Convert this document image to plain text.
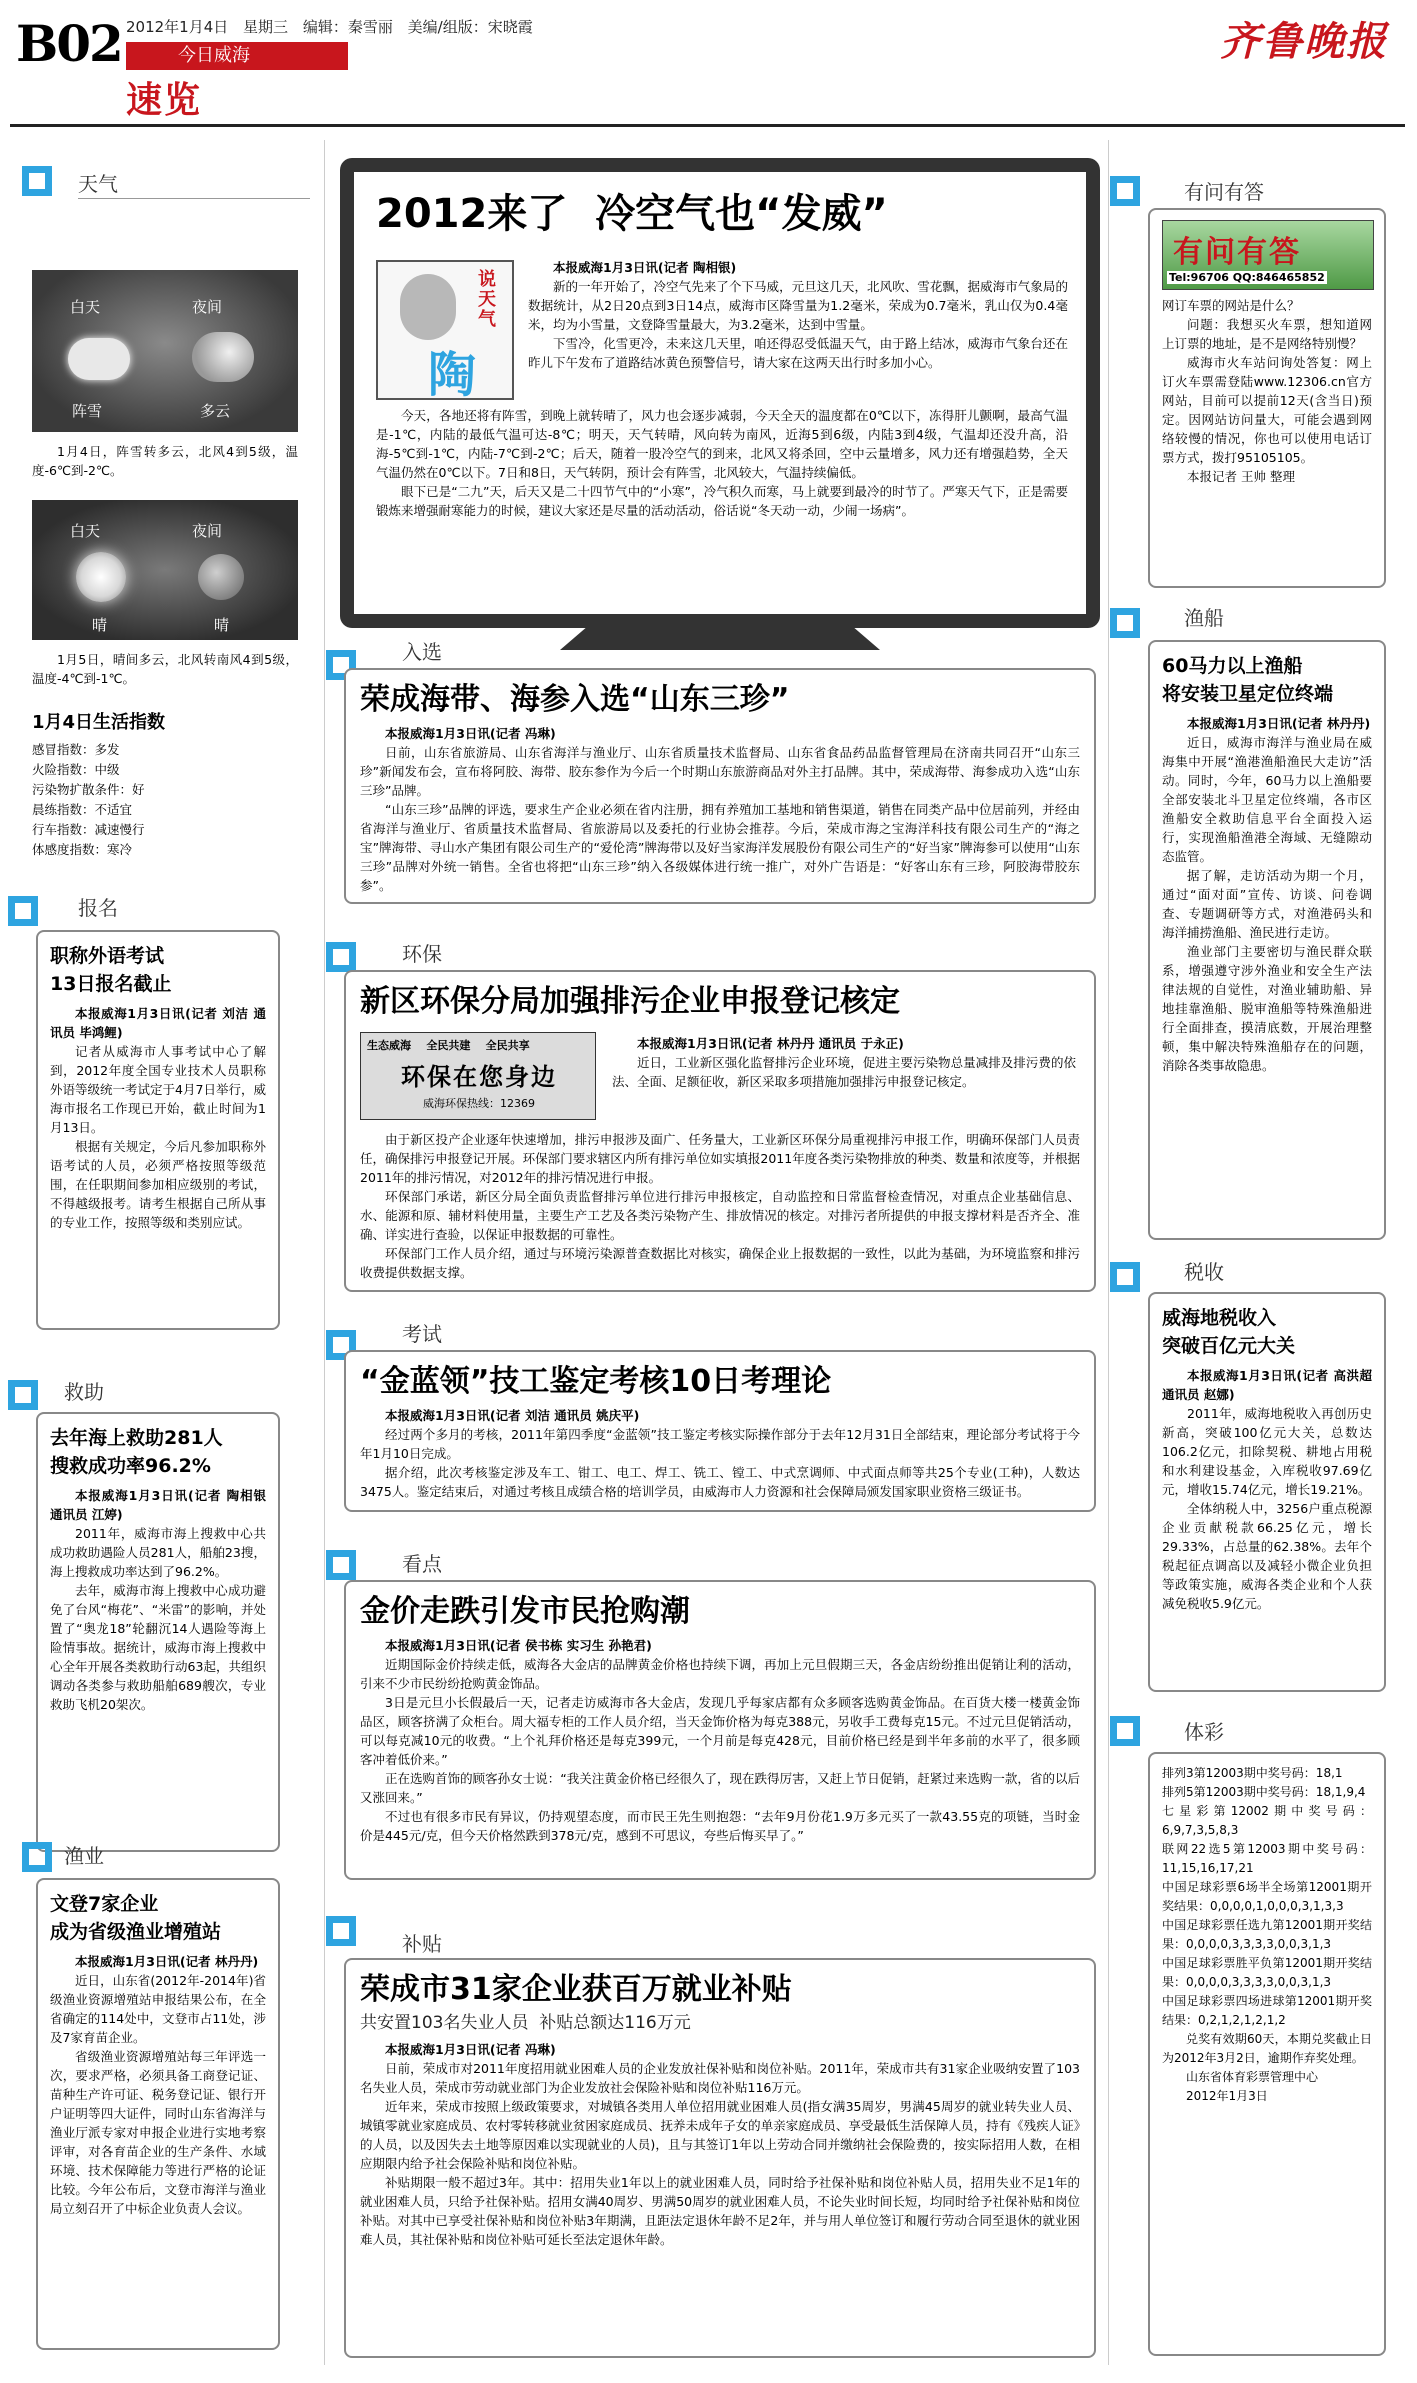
B02 2012年1月4日 星期三 编辑：秦雪丽 美编/组版：宋晓霞
今日威海
速览
齐鲁晚报
天气
白天	夜间
阵雪	多云
1月4日，阵雪转多云，北风4到5级，温度-6℃到-2℃。
白天	夜间
晴	晴
1月5日，晴间多云，北风转南风4到5级，温度-4℃到-1℃。
1月4日生活指数
感冒指数：多发
火险指数：中级
污染物扩散条件：好
晨练指数：不适宜
行车指数：减速慢行
体感度指数：寒冷
报名
职称外语考试
13日报名截止

本报威海1月3日讯(记者 刘洁 通讯员 毕鸿鲤)

记者从威海市人事考试中心了解到，2012年度全国专业技术人员职称外语等级统一考试定于4月7日举行，威海市报名工作现已开始，截止时间为1月13日。

根据有关规定，今后凡参加职称外语考试的人员，必须严格按照等级范围，在任职期间参加相应级别的考试，不得越级报考。请考生根据自己所从事的专业工作，按照等级和类别应试。

救助
去年海上救助281人
搜救成功率96.2%

本报威海1月3日讯(记者 陶相银 通讯员 江婷)

2011年，威海市海上搜救中心共成功救助遇险人员281人，船舶23搜，海上搜救成功率达到了96.2%。

去年，威海市海上搜救中心成功避免了台风“梅花”、“米雷”的影响，并处置了“奥龙18”轮翻沉14人遇险等海上险情事故。据统计，威海市海上搜救中心全年开展各类救助行动63起，共组织调动各类参与救助船舶689艘次，专业救助飞机20架次。

渔业
文登7家企业
成为省级渔业增殖站

本报威海1月3日讯(记者 林丹丹)

近日，山东省(2012年-2014年)省级渔业资源增殖站申报结果公布，在全省确定的114处中，文登市占11处，涉及7家育苗企业。

省级渔业资源增殖站每三年评选一次，要求严格，必须具备工商登记证、苗种生产许可证、税务登记证、银行开户证明等四大证件，同时山东省海洋与渔业厅派专家对申报企业进行实地考察评审，对各育苗企业的生产条件、水域环境、技术保障能力等进行严格的论证比较。今年公布后，文登市海洋与渔业局立刻召开了中标企业负责人会议。

2012来了  冷空气也“发威”
说天气
陶

本报威海1月3日讯(记者 陶相银)

新的一年开始了，冷空气先来了个下马威，元旦这几天，北风吹、雪花飘，据威海市气象局的数据统计，从2日20点到3日14点，威海市区降雪量为1.2毫米，荣成为0.7毫米，乳山仅为0.4毫米，均为小雪量，文登降雪量最大，为3.2毫米，达到中雪量。

下雪冷，化雪更冷，未来这几天里，咱还得忍受低温天气，由于路上结冰，威海市气象台还在昨儿下午发布了道路结冰黄色预警信号，请大家在这两天出行时多加小心。

今天，各地还将有阵雪，到晚上就转晴了，风力也会逐步减弱，今天全天的温度都在0℃以下，冻得肝儿颤啊，最高气温是-1℃，内陆的最低气温可达-8℃；明天，天气转晴，风向转为南风，近海5到6级，内陆3到4级，气温却还没升高，沿海-5℃到-1℃，内陆-7℃到-2℃；后天，随着一股冷空气的到来，北风又将杀回，空中云量增多，风力还有增强趋势，全天气温仍然在0℃以下。7日和8日，天气转阴，预计会有阵雪，北风较大，气温持续偏低。

眼下已是“二九”天，后天又是二十四节气中的“小寒”，冷气积久而寒，马上就要到最冷的时节了。严寒天气下，正是需要锻炼来增强耐寒能力的时候，建议大家还是尽量的活动活动，俗话说“冬天动一动，少闹一场病”。

入选
荣成海带、海参入选“山东三珍”

本报威海1月3日讯(记者 冯琳)

日前，山东省旅游局、山东省海洋与渔业厅、山东省质量技术监督局、山东省食品药品监督管理局在济南共同召开“山东三珍”新闻发布会，宣布将阿胶、海带、胶东参作为今后一个时期山东旅游商品对外主打品牌。其中，荣成海带、海参成功入选“山东三珍”品牌。

“山东三珍”品牌的评选，要求生产企业必须在省内注册，拥有养殖加工基地和销售渠道，销售在同类产品中位居前列，并经由省海洋与渔业厅、省质量技术监督局、省旅游局以及委托的行业协会推荐。今后，荣成市海之宝海洋科技有限公司生产的“海之宝”牌海带、寻山水产集团有限公司生产的“爱伦湾”牌海带以及好当家海洋发展股份有限公司生产的“好当家”牌海参可以使用“山东三珍”品牌对外统一销售。全省也将把“山东三珍”纳入各级媒体进行统一推广，对外广告语是：“好客山东有三珍，阿胶海带胶东参”。

环保
新区环保分局加强排污企业申报登记核定
生态威海    全民共建    全民共享
环保在您身边
威海环保热线：12369

本报威海1月3日讯(记者 林丹丹 通讯员 于永正)

近日，工业新区强化监督排污企业环境，促进主要污染物总量减排及排污费的依法、全面、足额征收，新区采取多项措施加强排污申报登记核定。

由于新区投产企业逐年快速增加，排污申报涉及面广、任务量大，工业新区环保分局重视排污申报工作，明确环保部门人员责任，确保排污申报登记开展。环保部门要求辖区内所有排污单位如实填报2011年度各类污染物排放的种类、数量和浓度等，并根据2011年的排污情况，对2012年的排污情况进行申报。

环保部门承诺，新区分局全面负责监督排污单位进行排污申报核定，自动监控和日常监督检查情况，对重点企业基础信息、水、能源和原、辅材料使用量，主要生产工艺及各类污染物产生、排放情况的核定。对排污者所提供的申报支撑材料是否齐全、准确、详实进行查验，以保证申报数据的可靠性。

环保部门工作人员介绍，通过与环境污染源普查数据比对核实，确保企业上报数据的一致性，以此为基础，为环境监察和排污收费提供数据支撑。

考试
“金蓝领”技工鉴定考核10日考理论

本报威海1月3日讯(记者 刘洁 通讯员 姚庆平)

经过两个多月的考核，2011年第四季度“金蓝领”技工鉴定考核实际操作部分于去年12月31日全部结束，理论部分考试将于今年1月10日完成。

据介绍，此次考核鉴定涉及车工、钳工、电工、焊工、铣工、镗工、中式烹调师、中式面点师等共25个专业(工种)，人数达3475人。鉴定结束后，对通过考核且成绩合格的培训学员，由威海市人力资源和社会保障局颁发国家职业资格三级证书。

看点
金价走跌引发市民抢购潮

本报威海1月3日讯(记者 侯书栋 实习生 孙艳君)

近期国际金价持续走低，威海各大金店的品牌黄金价格也持续下调，再加上元旦假期三天，各金店纷纷推出促销让利的活动，引来不少市民纷纷抢购黄金饰品。

3日是元旦小长假最后一天，记者走访威海市各大金店，发现几乎每家店都有众多顾客选购黄金饰品。在百货大楼一楼黄金饰品区，顾客挤满了众柜台。周大福专柜的工作人员介绍，当天金饰价格为每克388元，另收手工费每克15元。不过元旦促销活动，可以每克减10元的收费。“上个礼拜价格还是每克399元，一个月前是每克428元，目前价格已经是到半年多前的水平了，很多顾客冲着低价来。”

正在选购首饰的顾客孙女士说：“我关注黄金价格已经很久了，现在跌得厉害，又赶上节日促销，赶紧过来选购一款，省的以后又涨回来。”

不过也有很多市民有异议，仍持观望态度，而市民王先生则抱怨：“去年9月份花1.9万多元买了一款43.55克的项链，当时金价是445元/克，但今天价格然跌到378元/克，感到不可思议，夸些后悔买早了。”

补贴
荣成市31家企业获百万就业补贴
共安置103名失业人员  补贴总额达116万元

本报威海1月3日讯(记者 冯琳)

日前，荣成市对2011年度招用就业困难人员的企业发放社保补贴和岗位补贴。2011年，荣成市共有31家企业吸纳安置了103名失业人员，荣成市劳动就业部门为企业发放社会保险补贴和岗位补贴116万元。

近年来，荣成市按照上级政策要求，对城镇各类用人单位招用就业困难人员(指女满35周岁，男满45周岁的就业转失业人员、城镇零就业家庭成员、农村零转移就业贫困家庭成员、抚养未成年子女的单亲家庭成员、享受最低生活保障人员，持有《残疾人证》的人员，以及因失去土地等原因难以实现就业的人员)，且与其签订1年以上劳动合同并缴纳社会保险费的，按实际招用人数，在相应期限内给予社会保险补贴和岗位补贴。

补贴期限一般不超过3年。其中：招用失业1年以上的就业困难人员，同时给予社保补贴和岗位补贴人员，招用失业不足1年的就业困难人员，只给予社保补贴。招用女满40周岁、男满50周岁的就业困难人员，不论失业时间长短，均同时给予社保补贴和岗位补贴。对其中已享受社保补贴和岗位补贴3年期满，且距法定退休年龄不足2年，并与用人单位签订和履行劳动合同至退休的就业困难人员，其社保补贴和岗位补贴可延长至法定退休年龄。

有问有答
有问有答
Tel:96706 QQ:846465852

网订车票的网站是什么？

问题：我想买火车票，想知道网上订票的地址，是不是网络特别慢？

威海市火车站问询处答复：网上订火车票需登陆www.12306.cn官方网站，目前可以提前12天(含当日)预定。因网站访问量大，可能会遇到网络较慢的情况，你也可以使用电话订票方式，拨打95105105。

本报记者 王帅 整理

渔船
60马力以上渔船
将安装卫星定位终端

本报威海1月3日讯(记者 林丹丹)

近日，威海市海洋与渔业局在威海集中开展“渔港渔船渔民大走访”活动。同时，今年，60马力以上渔船要全部安装北斗卫星定位终端，各市区渔船安全救助信息平台全面投入运行，实现渔船渔港全海域、无缝隙动态监管。

据了解，走访活动为期一个月，通过“面对面”宣传、访谈、问卷调查、专题调研等方式，对渔港码头和海洋捕捞渔船、渔民进行走访。

渔业部门主要密切与渔民群众联系，增强遵守涉外渔业和安全生产法律法规的自觉性，对渔业辅助船、异地挂靠渔船、脱审渔船等特殊渔船进行全面排查，摸清底数，开展治理整顿，集中解决特殊渔船存在的问题，消除各类事故隐患。

税收
威海地税收入
突破百亿元大关

本报威海1月3日讯(记者 高洪超 通讯员 赵娜)

2011年，威海地税收入再创历史新高，突破100亿元大关，总数达106.2亿元，扣除契税、耕地占用税和水利建设基金，入库税收97.69亿元，增收15.74亿元，增长19.21%。

全体纳税人中，3256户重点税源企业贡献税款66.25亿元，增长29.33%，占总量的62.38%。去年个税起征点调高以及减轻小微企业负担等政策实施，威海各类企业和个人获减免税收5.9亿元。

体彩

排列3第12003期中奖号码：18,1

排列5第12003期中奖号码：18,1,9,4

七星彩第12002期中奖号码：6,9,7,3,5,8,3

联网22选5第12003期中奖号码：11,15,16,17,21

中国足球彩票6场半全场第12001期开奖结果：0,0,0,0,1,0,0,0,3,1,3,3

中国足球彩票任选九第12001期开奖结果：0,0,0,0,3,3,3,3,0,0,3,1,3

中国足球彩票胜平负第12001期开奖结果：0,0,0,0,3,3,3,3,0,0,3,1,3

中国足球彩票四场进球第12001期开奖结果：0,2,1,2,1,2,1,2

兑奖有效期60天，本期兑奖截止日为2012年3月2日，逾期作弃奖处理。

山东省体育彩票管理中心

2012年1月3日
